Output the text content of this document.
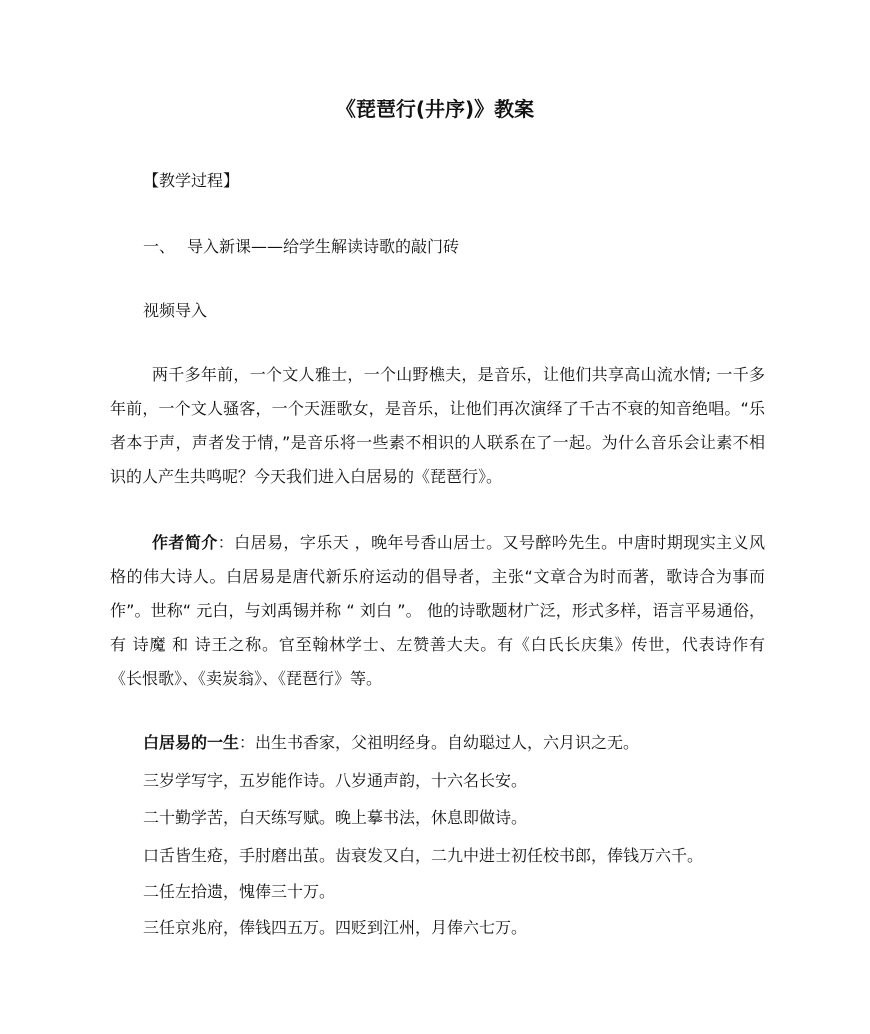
《琵琶行(井序)》教案
【教学过程】
一、 导入新课——给学生解读诗歌的敲门砖
视频导入
两千多年前，一个文人雅士，一个山野樵夫，是音乐，让他们共享高山流水情; 一千多年前，一个文人骚客，一个天涯歌女，是音乐，让他们再次演绎了千古不衰的知音绝唱。“乐者本于声，声者发于情，”是音乐将一些素不相识的人联系在了一起。为什么音乐会让素不相识的人产生共鸣呢？今天我们进入白居易的《琵琶行》。
作者简介：白居易，字乐天 ，晚年号香山居士。又号醉吟先生。中唐时期现实主义风格的伟大诗人。白居易是唐代新乐府运动的倡导者，主张“文章合为时而著，歌诗合为事而作”。世称“ 元白，与刘禹锡并称 “ 刘白 ”。 他的诗歌题材广泛，形式多样，语言平易通俗，有 诗魔 和 诗王之称。官至翰林学士、左赞善大夫。有《白氏长庆集》传世，代表诗作有《长恨歌》、《卖炭翁》、《琵琶行》等。
白居易的一生：出生书香家，父祖明经身。自幼聪过人，六月识之无。
三岁学写字，五岁能作诗。八岁通声韵，十六名长安。
二十勤学苦，白天练写赋。晚上摹书法，休息即做诗。
口舌皆生疮，手肘磨出茧。齿衰发又白，二九中进士初任校书郎，俸钱万六千。
二任左拾遗，愧俸三十万。
三任京兆府，俸钱四五万。四贬到江州，月俸六七万。
